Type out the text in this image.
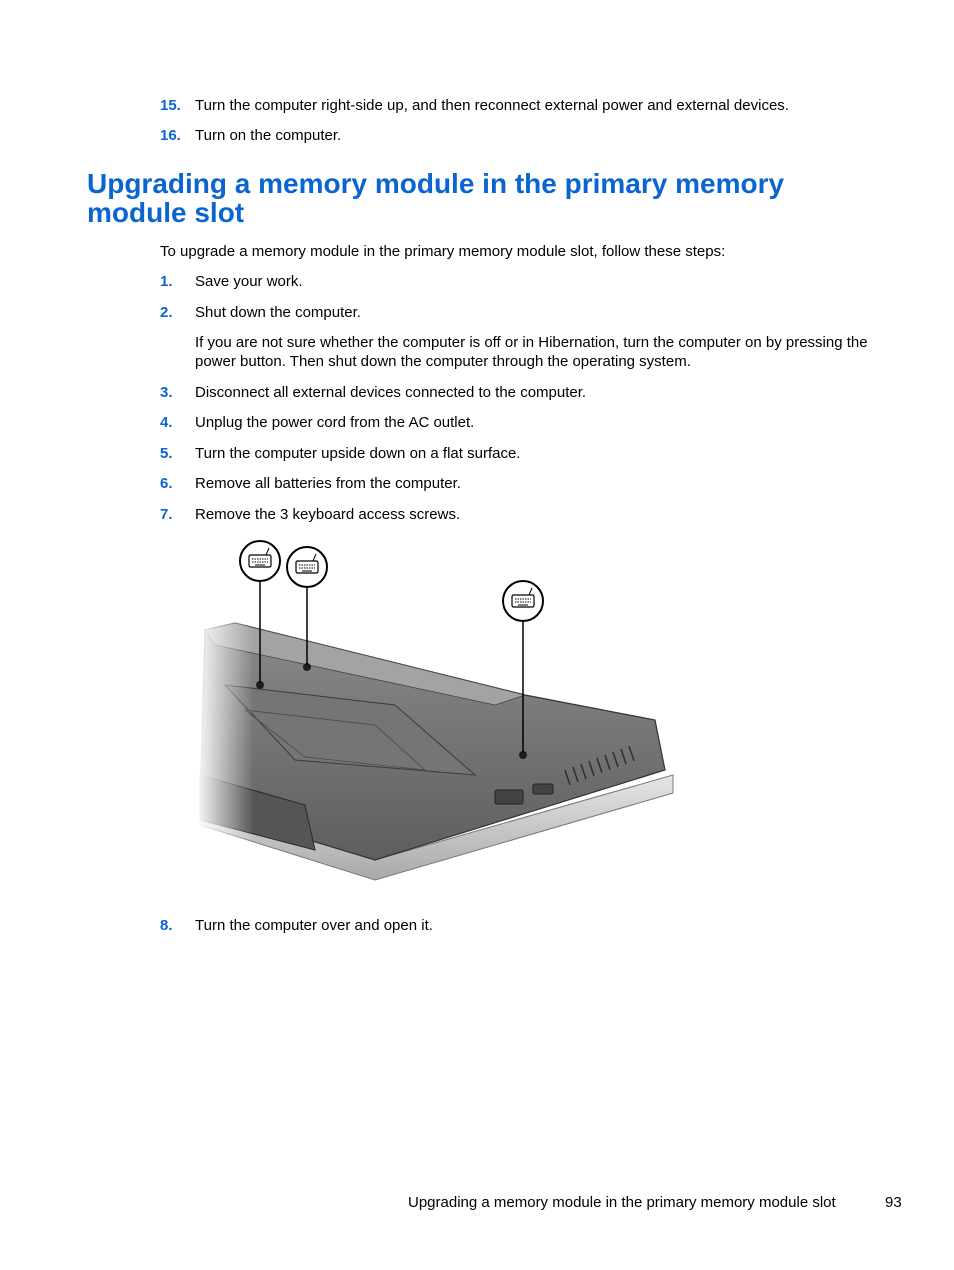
15. Turn the computer right-side up, and then reconnect external power and external devices.
16. Turn on the computer.
Upgrading a memory module in the primary memory module slot
To upgrade a memory module in the primary memory module slot, follow these steps:
1. Save your work.
2. Shut down the computer.
If you are not sure whether the computer is off or in Hibernation, turn the computer on by pressing the power button. Then shut down the computer through the operating system.
3. Disconnect all external devices connected to the computer.
4. Unplug the power cord from the AC outlet.
5. Turn the computer upside down on a flat surface.
6. Remove all batteries from the computer.
7. Remove the 3 keyboard access screws.
8. Turn the computer over and open it.
Upgrading a memory module in the primary memory module slot	93
